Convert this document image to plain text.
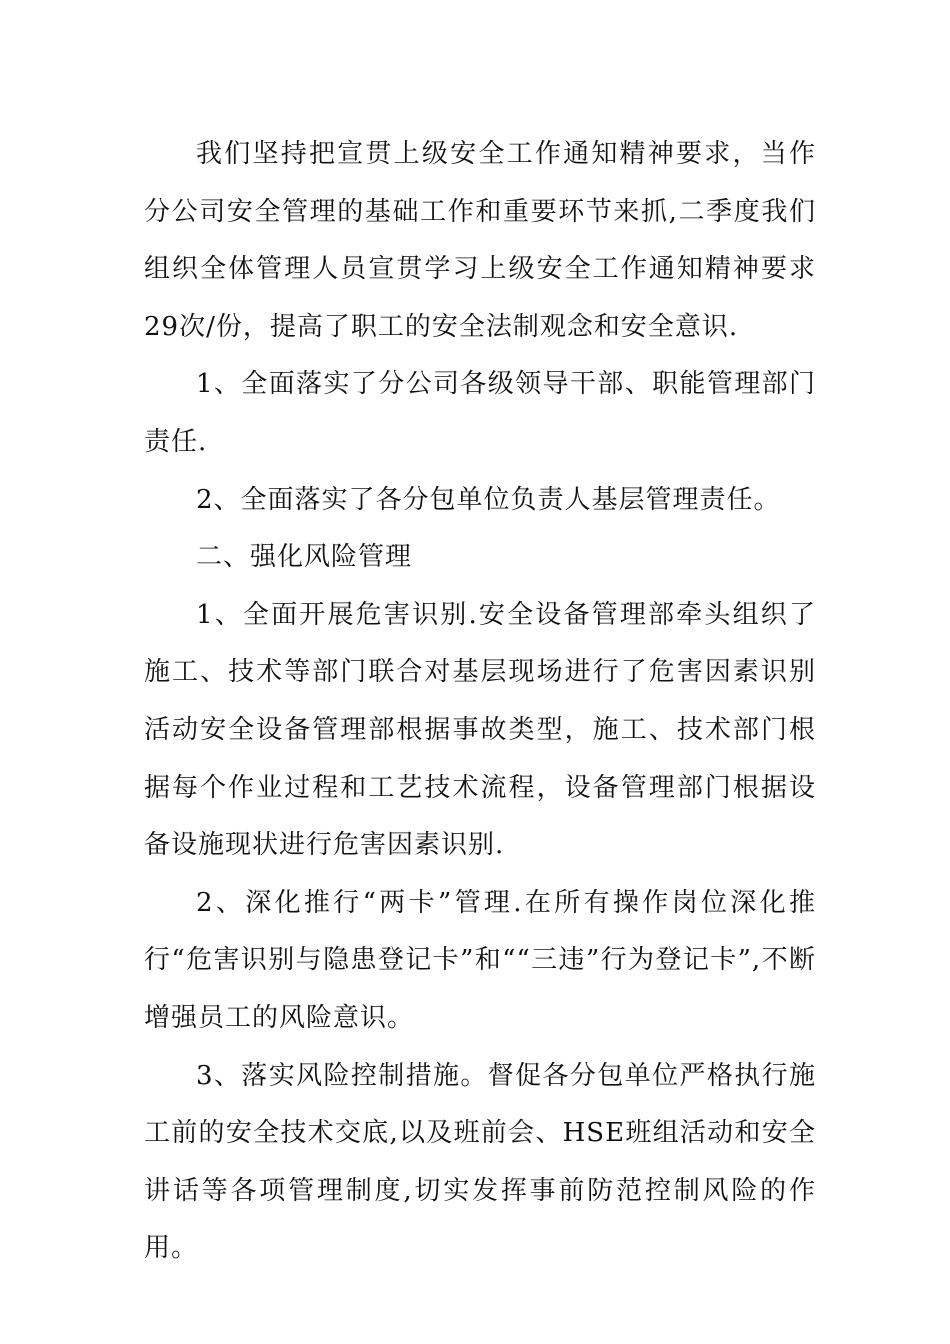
我们坚持把宣贯上级安全工作通知精神要求，当作分公司安全管理的基础工作和重要环节来抓,二季度我们组织全体管理人员宣贯学习上级安全工作通知精神要求29次/份，提高了职工的安全法制观念和安全意识.

1、全面落实了分公司各级领导干部、职能管理部门责任.

2、全面落实了各分包单位负责人基层管理责任。

二、强化风险管理

1、全面开展危害识别.安全设备管理部牵头组织了施工、技术等部门联合对基层现场进行了危害因素识别活动安全设备管理部根据事故类型，施工、技术部门根据每个作业过程和工艺技术流程，设备管理部门根据设备设施现状进行危害因素识别.

2、深化推行“两卡”管理.在所有操作岗位深化推行“危害识别与隐患登记卡”和““三违”行为登记卡”,不断增强员工的风险意识。

3、落实风险控制措施。督促各分包单位严格执行施工前的安全技术交底,以及班前会、HSE班组活动和安全讲话等各项管理制度,切实发挥事前防范控制风险的作用。
